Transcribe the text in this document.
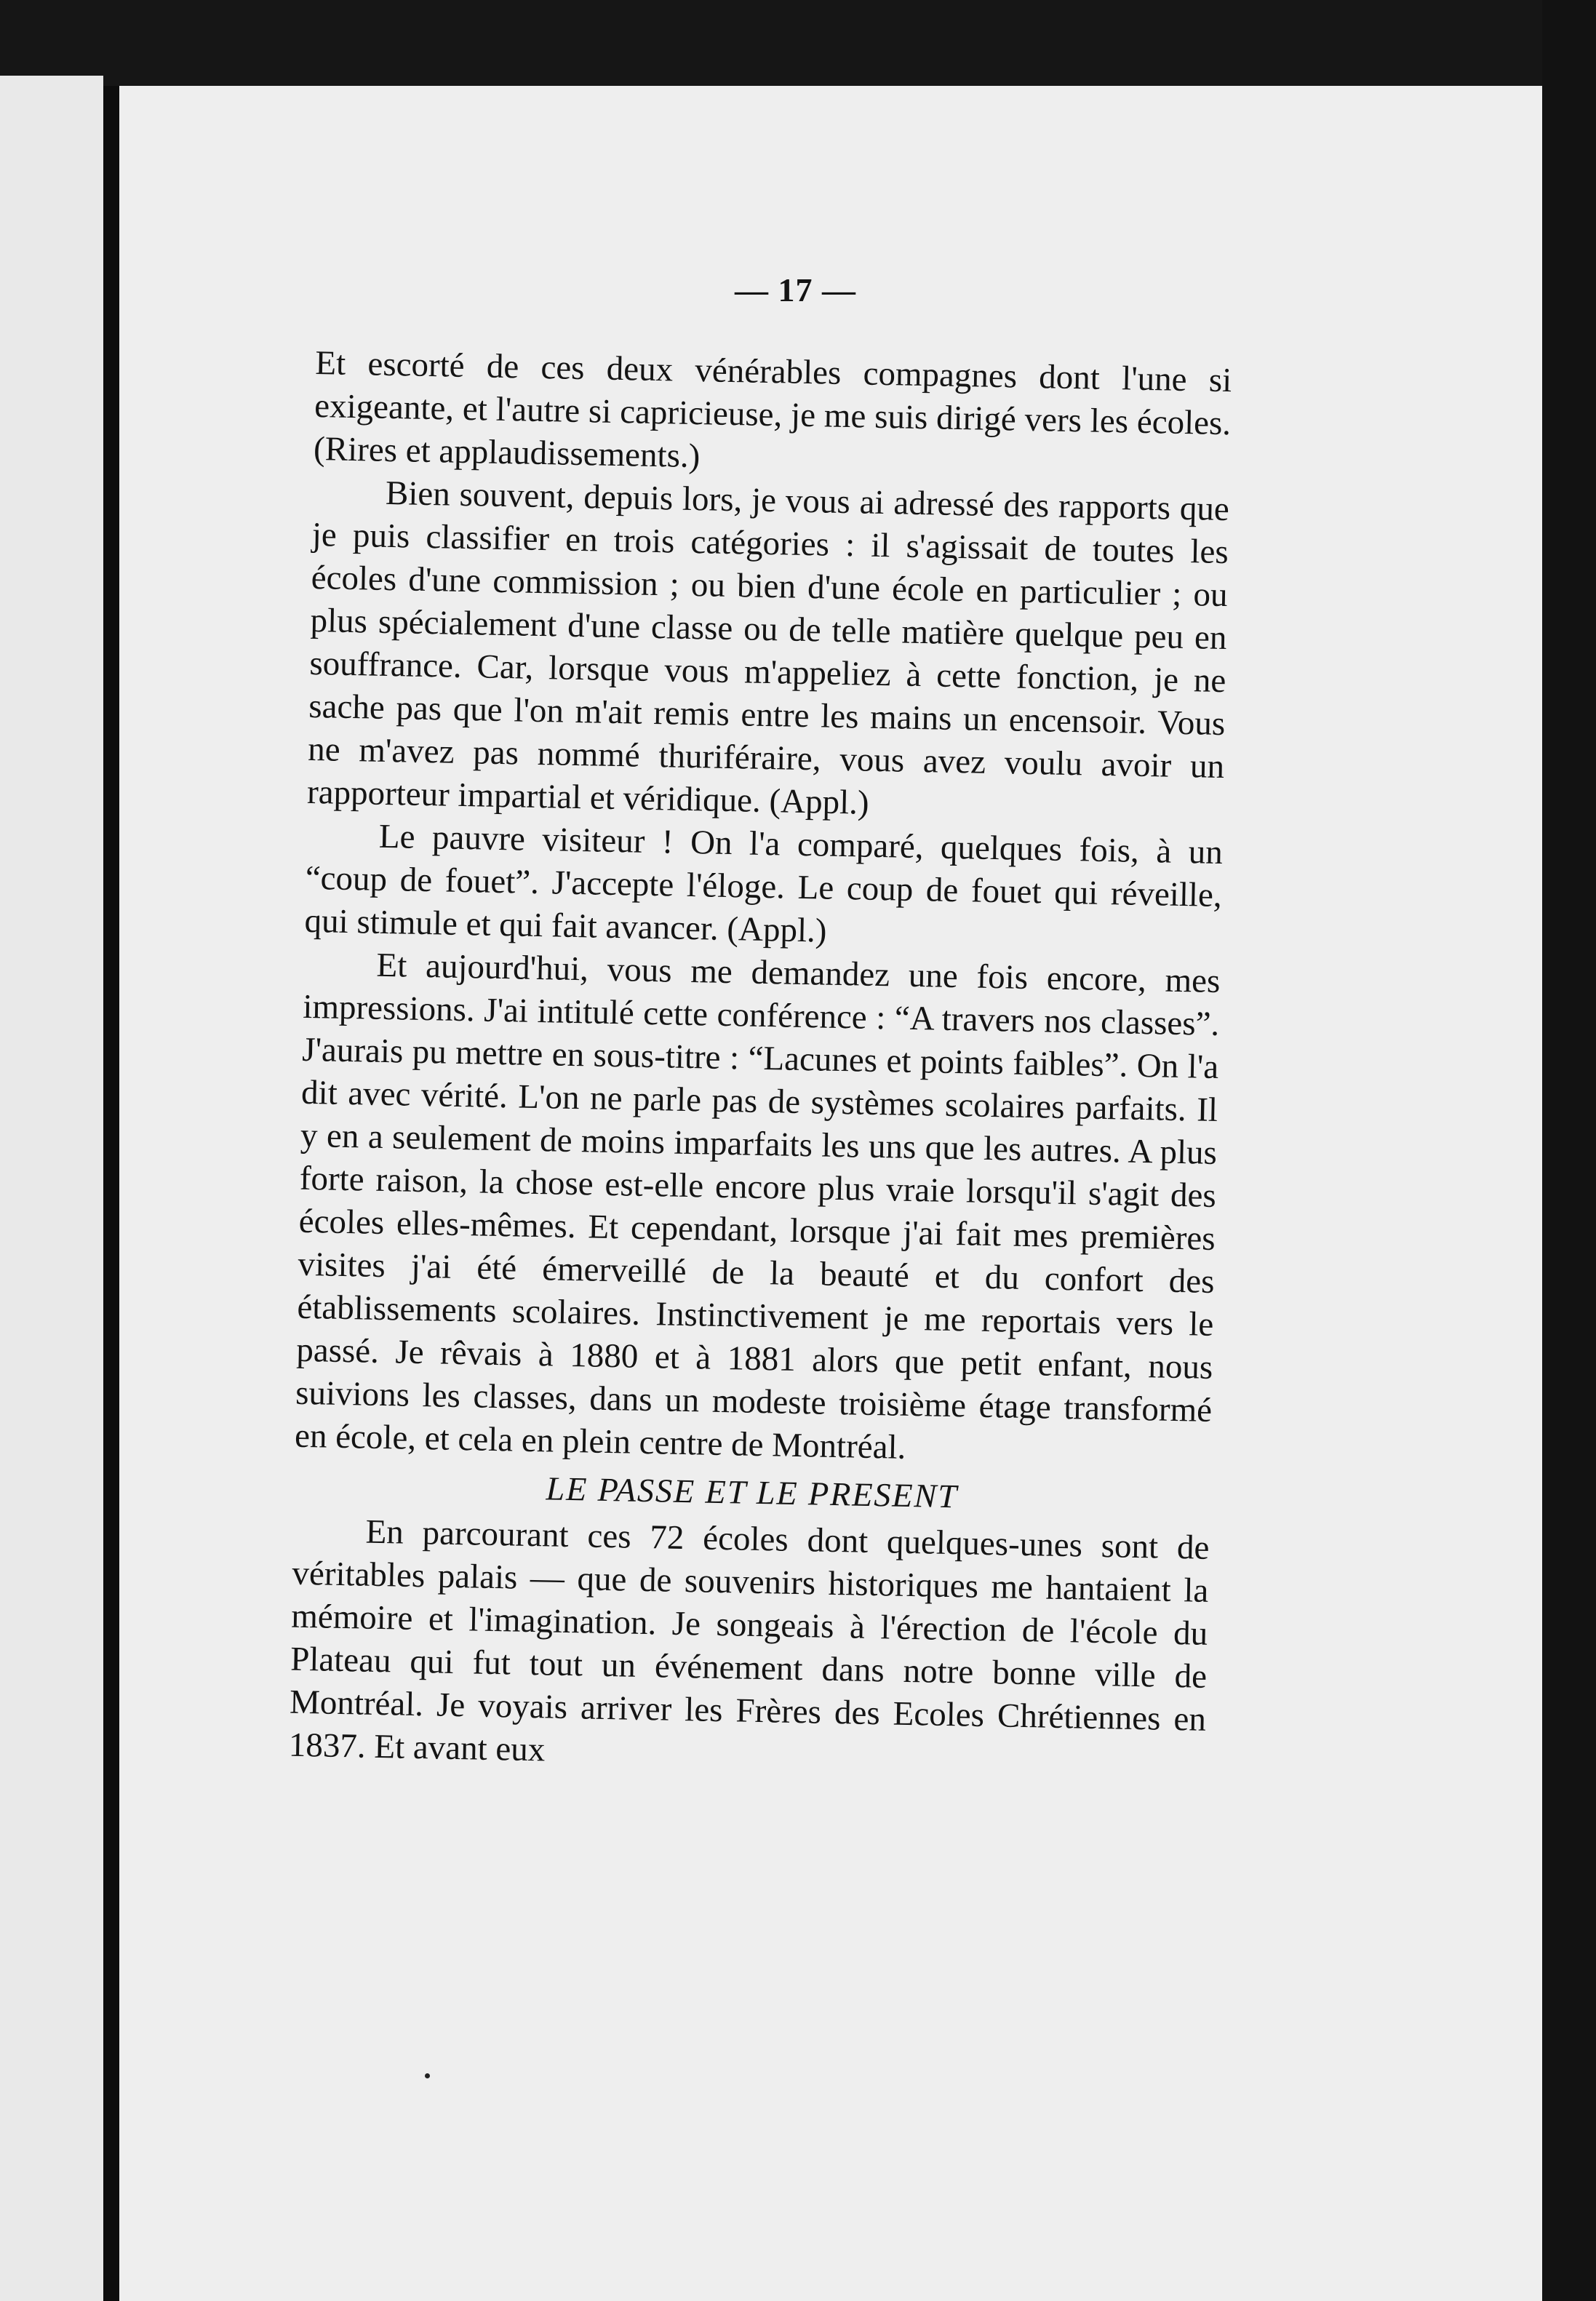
— 17 —

Et escorté de ces deux vénérables compagnes dont l'une si exigeante, et l'autre si capricieuse, je me suis dirigé vers les écoles. (Rires et applaudissements.)

Bien souvent, depuis lors, je vous ai adressé des rapports que je puis classifier en trois catégories : il s'agissait de toutes les écoles d'une commission ; ou bien d'une école en particulier ; ou plus spécialement d'une classe ou de telle matière quelque peu en souffrance. Car, lorsque vous m'appeliez à cette fonction, je ne sache pas que l'on m'ait remis entre les mains un encensoir. Vous ne m'avez pas nommé thuriféraire, vous avez voulu avoir un rapporteur impartial et véridique. (Appl.)

Le pauvre visiteur ! On l'a comparé, quelques fois, à un “coup de fouet”. J'accepte l'éloge. Le coup de fouet qui réveille, qui stimule et qui fait avancer. (Appl.)

Et aujourd'hui, vous me demandez une fois encore, mes impressions. J'ai intitulé cette conférence : “A travers nos classes”. J'aurais pu mettre en sous-titre : “Lacunes et points faibles”. On l'a dit avec vérité. L'on ne parle pas de systèmes scolaires parfaits. Il y en a seulement de moins imparfaits les uns que les autres. A plus forte raison, la chose est-elle encore plus vraie lorsqu'il s'agit des écoles elles-mêmes. Et cependant, lorsque j'ai fait mes premières visites j'ai été émerveillé de la beauté et du confort des établissements scolaires. Instinctivement je me reportais vers le passé. Je rêvais à 1880 et à 1881 alors que petit enfant, nous suivions les classes, dans un modeste troisième étage transformé en école, et cela en plein centre de Montréal.

LE PASSE ET LE PRESENT

En parcourant ces 72 écoles dont quelques-unes sont de véritables palais — que de souvenirs historiques me hantaient la mémoire et l'imagination. Je songeais à l'érection de l'école du Plateau qui fut tout un événement dans notre bonne ville de Montréal. Je voyais arriver les Frères des Ecoles Chrétiennes en 1837. Et avant eux
